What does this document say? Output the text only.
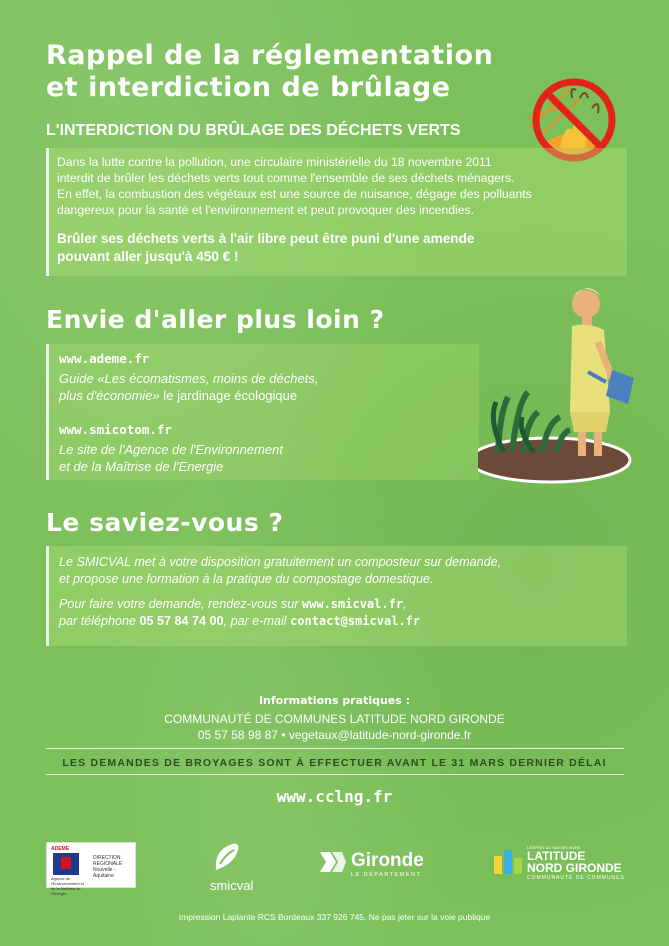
Rappel de la réglementation
et interdiction de brûlage
L'INTERDICTION DU BRÛLAGE DES DÉCHETS VERTS
Dans la lutte contre la pollution, une circulaire ministérielle du 18 novembre 2011
interdit de brûler les déchets verts tout comme l'ensemble de ses déchets ménagers.
En effet, la combustion des végétaux est une source de nuisance, dégage des polluants
dangereux pour la santé et l'enviironnement et peut provoquer des incendies.
Brûler ses déchets verts à l'air libre peut être puni d'une amende
pouvant aller jusqu'à 450 € !
Envie d'aller plus loin ?
www.ademe.fr
Guide «Les écomatismes, moins de déchets,
plus d'économie» le jardinage écologique
www.smicotom.fr
Le site de l'Agence de l'Environnement
et de la Maîtrise de l'Energie
Le saviez-vous ?
Le SMICVAL met à votre disposition gratuitement un composteur sur demande,
et propose une formation à la pratique du compostage domestique.
Pour faire votre demande, rendez-vous sur www.smicval.fr,
par téléphone 05 57 84 74 00, par e-mail contact@smicval.fr
Informations pratiques :
COMMUNAUTÉ DE COMMUNES LATITUDE NORD GIRONDE
05 57 58 98 87 • vegetaux@latitude-nord-gironde.fr
LES DEMANDES DE BROYAGES SONT À EFFECTUER AVANT LE 31 MARS DERNIER DÉLAI
www.cclng.fr
ADEME
DIRECTION RÉGIONALE Nouvelle - Aquitaine
Agence de l'Environnement et de la Maîtrise de l'Energie
smicval
Gironde
LE DÉPARTEMENT
L'ESPRIT DU SAVOIR-VIVRE
LATITUDE
NORD GIRONDE
COMMUNAUTÉ DE COMMUNES
Impression Laplante RCS Bordeaux 337 926 745. Ne pas jeter sur la voie publique
